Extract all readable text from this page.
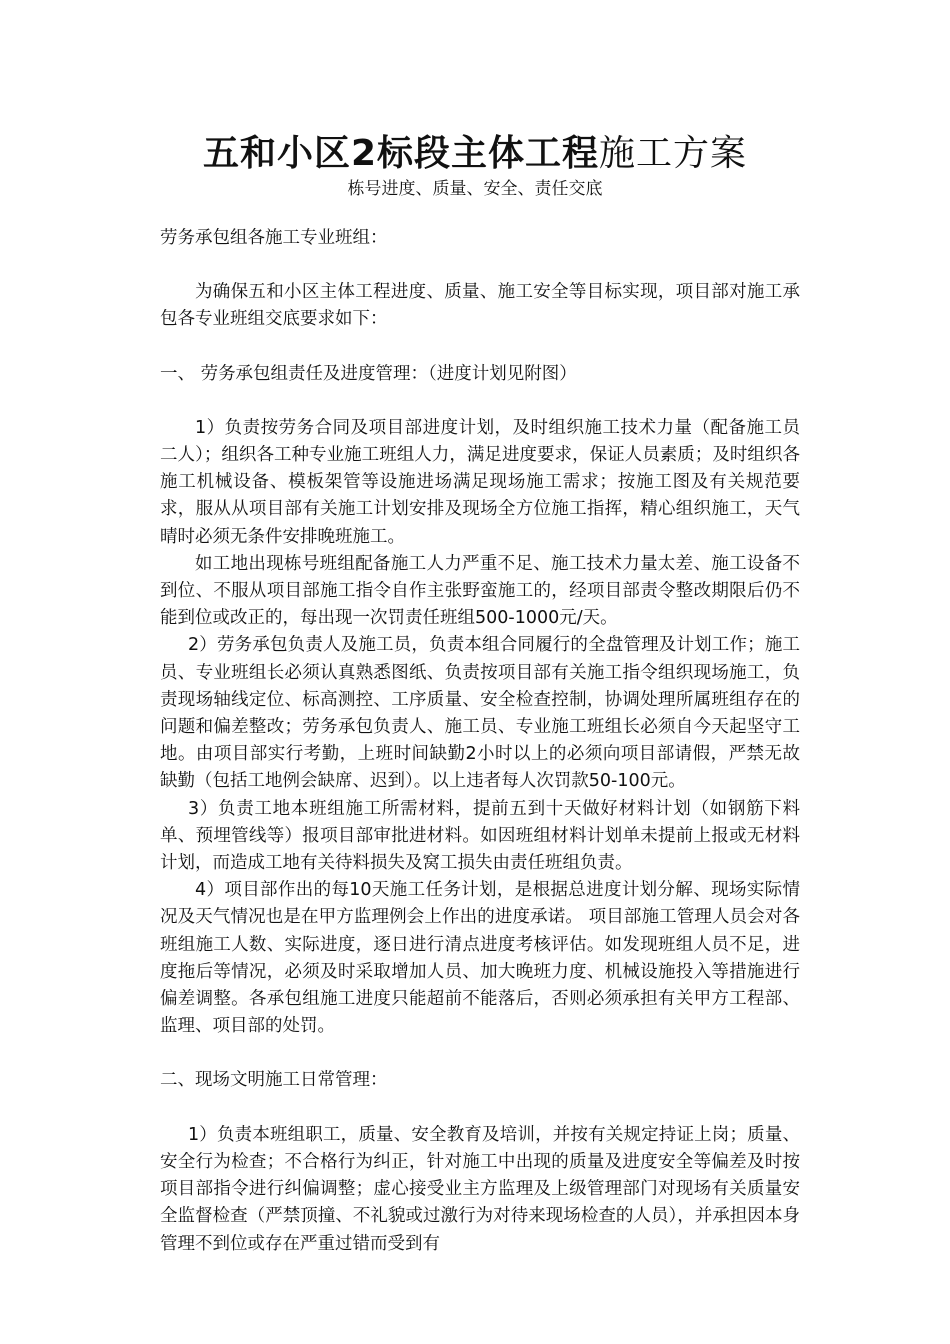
五和小区2标段主体工程施工方案
栋号进度、质量、安全、责任交底

劳务承包组各施工专业班组：

为确保五和小区主体工程进度、质量、施工安全等目标实现，项目部对施工承包各专业班组交底要求如下：

一、 劳务承包组责任及进度管理：（进度计划见附图）

1）负责按劳务合同及项目部进度计划，及时组织施工技术力量（配备施工员二人）；组织各工种专业施工班组人力，满足进度要求，保证人员素质；及时组织各施工机械设备、模板架管等设施进场满足现场施工需求；按施工图及有关规范要求，服从从项目部有关施工计划安排及现场全方位施工指挥，精心组织施工，天气晴时必须无条件安排晚班施工。

如工地出现栋号班组配备施工人力严重不足、施工技术力量太差、施工设备不到位、不服从项目部施工指令自作主张野蛮施工的，经项目部责令整改期限后仍不能到位或改正的，每出现一次罚责任班组500-1000元/天。

2）劳务承包负责人及施工员，负责本组合同履行的全盘管理及计划工作；施工员、专业班组长必须认真熟悉图纸、负责按项目部有关施工指令组织现场施工，负责现场轴线定位、标高测控、工序质量、安全检查控制，协调处理所属班组存在的问题和偏差整改；劳务承包负责人、施工员、专业施工班组长必须自今天起坚守工地。由项目部实行考勤，上班时间缺勤2小时以上的必须向项目部请假，严禁无故缺勤（包括工地例会缺席、迟到）。以上违者每人次罚款50-100元。

3）负责工地本班组施工所需材料，提前五到十天做好材料计划（如钢筋下料单、预埋管线等）报项目部审批进材料。如因班组材料计划单未提前上报或无材料计划，而造成工地有关待料损失及窝工损失由责任班组负责。

4）项目部作出的每10天施工任务计划，是根据总进度计划分解、现场实际情况及天气情况也是在甲方监理例会上作出的进度承诺。 项目部施工管理人员会对各班组施工人数、实际进度，逐日进行清点进度考核评估。如发现班组人员不足，进度拖后等情况，必须及时采取增加人员、加大晚班力度、机械设施投入等措施进行偏差调整。各承包组施工进度只能超前不能落后，否则必须承担有关甲方工程部、监理、项目部的处罚。

二、现场文明施工日常管理：

1）负责本班组职工，质量、安全教育及培训，并按有关规定持证上岗；质量、安全行为检查；不合格行为纠正，针对施工中出现的质量及进度安全等偏差及时按项目部指令进行纠偏调整；虚心接受业主方监理及上级管理部门对现场有关质量安全监督检查（严禁顶撞、不礼貌或过激行为对待来现场检查的人员），并承担因本身管理不到位或存在严重过错而受到有
